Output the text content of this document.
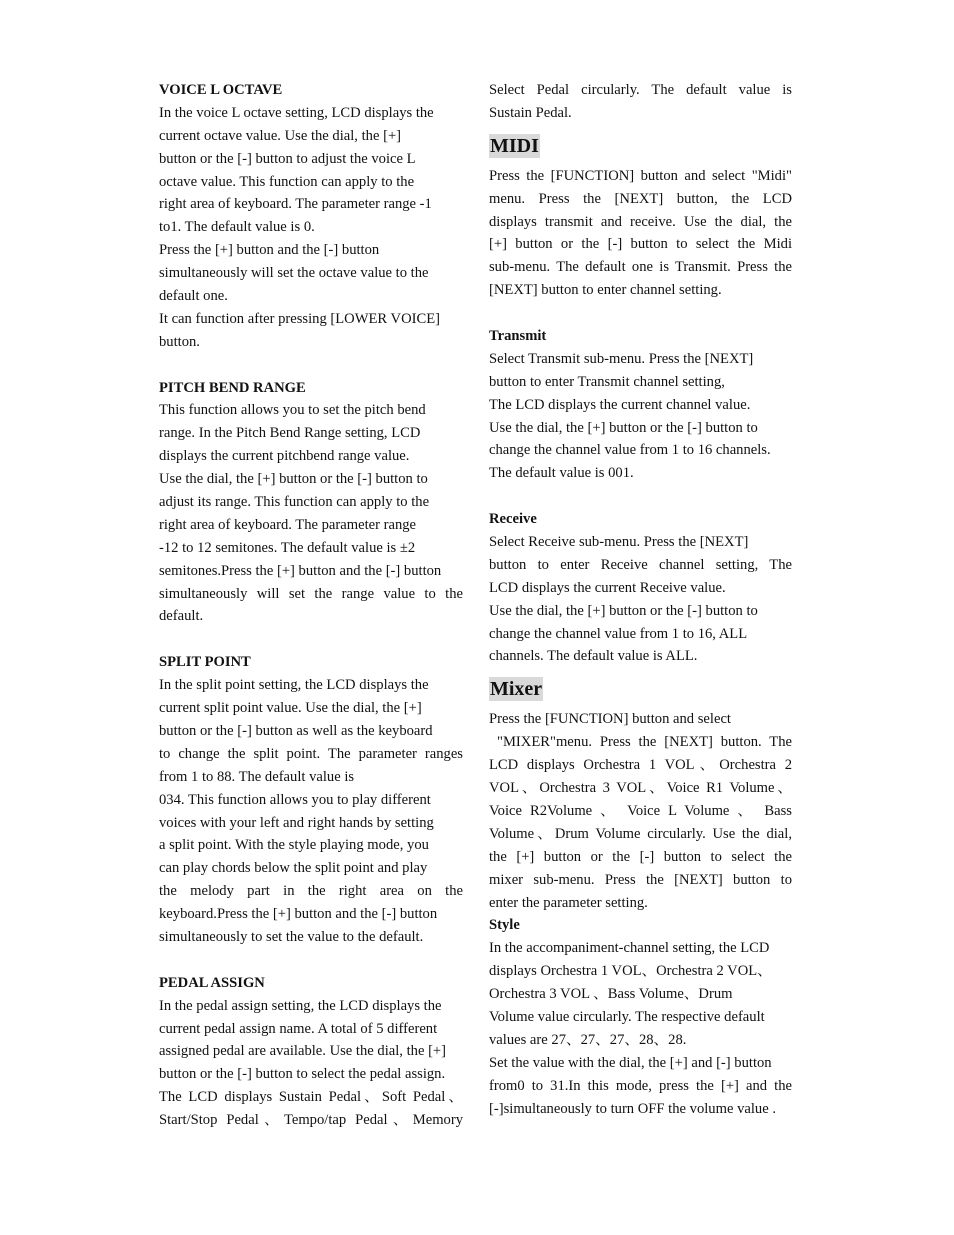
VOICE L OCTAVE
In the voice L octave setting, LCD displays the
current octave value. Use the dial, the [+]
button or the [-] button to adjust the voice L
octave value. This function can apply to the
right area of keyboard. The parameter range -1
to1. The default value is 0.
Press the [+] button and the [-] button
simultaneously will set the octave value to the
default one.
It can function after pressing [LOWER VOICE]
button.
PITCH BEND RANGE
This function allows you to set the pitch bend
range. In the Pitch Bend Range setting, LCD
displays the current pitchbend range value.
Use the dial, the [+] button or the [-] button to
adjust its range. This function can apply to the
right area of keyboard. The parameter range
-12 to 12 semitones. The default value is ±2
semitones.Press the [+] button and the [-] button
simultaneously will set the range value to the
default.
SPLIT POINT
In the split point setting, the LCD displays the
current split point value. Use the dial, the [+]
button or the [-] button as well as the keyboard
to change the split point. The parameter ranges
from 1 to 88. The default value is
034. This function allows you to play different
voices with your left and right hands by setting
a split point. With the style playing mode, you
can play chords below the split point and play
the melody part in the right area on the
keyboard.Press the [+] button and the [-] button
simultaneously to set the value to the default.
PEDAL ASSIGN
In the pedal assign setting, the LCD displays the
current pedal assign name. A total of 5 different
assigned pedal are available. Use the dial, the [+]
button or the [-] button to select the pedal assign.
The LCD displays Sustain Pedal、Soft Pedal、
Start/Stop Pedal、Tempo/tap Pedal、Memory
Select Pedal circularly. The default value is
Sustain Pedal.
MIDI
Press the [FUNCTION] button and select "Midi"
menu. Press the [NEXT] button, the LCD
displays transmit and receive. Use the dial, the
[+] button or the [-] button to select the Midi
sub-menu. The default one is Transmit. Press the
[NEXT] button to enter channel setting.
Transmit
Select Transmit sub-menu. Press the [NEXT]
button to enter Transmit channel setting,
The LCD displays the current channel value.
Use the dial, the [+] button or the [-] button to
change the channel value from 1 to 16 channels.
The default value is 001.
Receive
Select Receive sub-menu. Press the [NEXT]
button to enter Receive channel setting, The
LCD displays the current Receive value.
Use the dial, the [+] button or the [-] button to
change the channel value from 1 to 16, ALL
channels. The default value is ALL.
Mixer
Press the [FUNCTION] button and select
"MIXER"menu. Press the [NEXT] button. The
LCD displays Orchestra 1 VOL、Orchestra 2
VOL、Orchestra 3 VOL、Voice R1 Volume、
Voice R2Volume 、 Voice L Volume 、 Bass
Volume、Drum Volume circularly. Use the dial,
the [+] button or the [-] button to select the
mixer sub-menu. Press the [NEXT] button to
enter the parameter setting.
Style
In the accompaniment-channel setting, the LCD
displays Orchestra 1 VOL、Orchestra 2 VOL、
Orchestra 3 VOL 、Bass Volume、Drum
Volume value circularly. The respective default
values are 27、27、27、28、28.
Set the value with the dial, the [+] and [-] button
from0 to 31.In this mode, press the [+] and the
[-]simultaneously to turn OFF the volume value .
